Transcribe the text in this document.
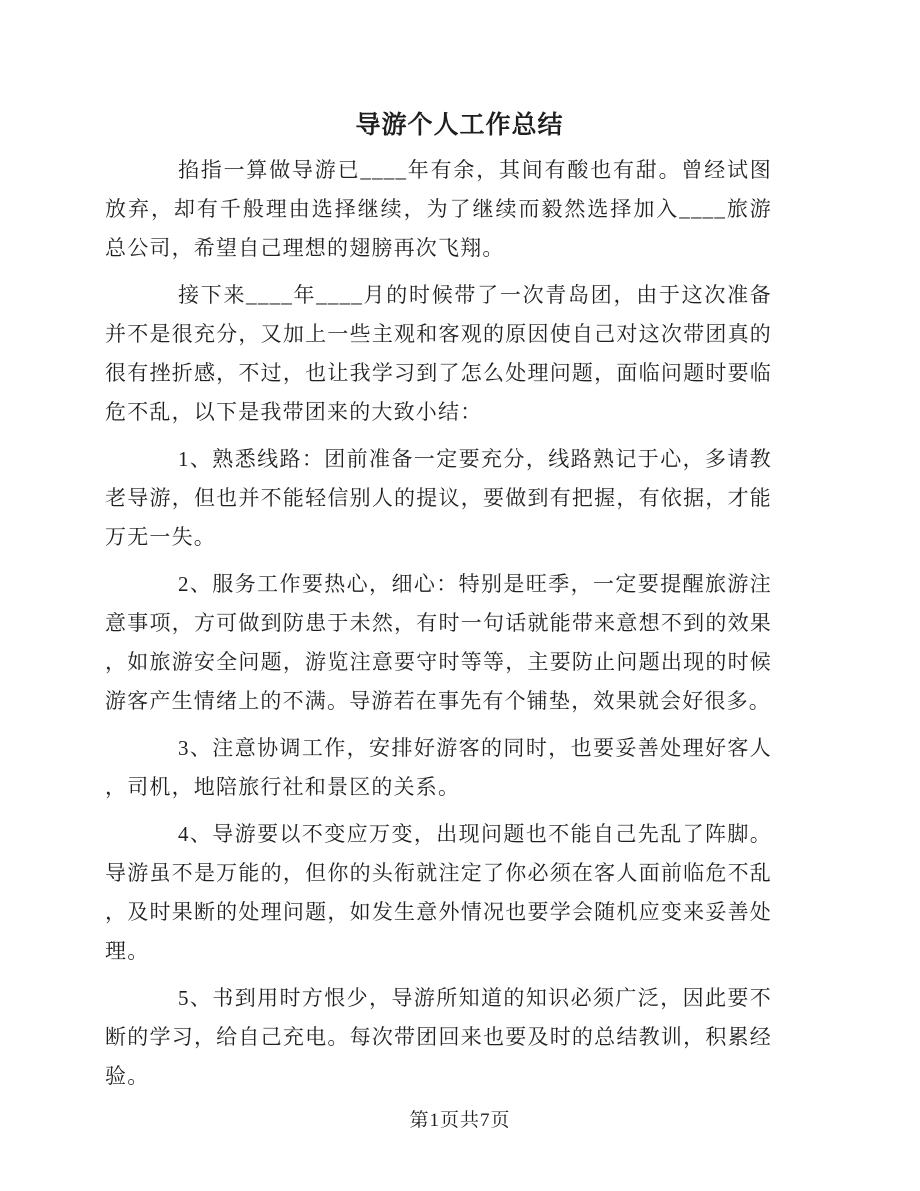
导游个人工作总结

掐指一算做导游已____年有余，其间有酸也有甜。曾经试图放弃，却有千般理由选择继续，为了继续而毅然选择加入____旅游总公司，希望自己理想的翅膀再次飞翔。

接下来____年____月的时候带了一次青岛团，由于这次准备并不是很充分，又加上一些主观和客观的原因使自己对这次带团真的很有挫折感，不过，也让我学习到了怎么处理问题，面临问题时要临危不乱，以下是我带团来的大致小结：

1、熟悉线路：团前准备一定要充分，线路熟记于心，多请教老导游，但也并不能轻信别人的提议，要做到有把握，有依据，才能万无一失。

2、服务工作要热心，细心：特别是旺季，一定要提醒旅游注意事项，方可做到防患于未然，有时一句话就能带来意想不到的效果，如旅游安全问题，游览注意要守时等等，主要防止问题出现的时候游客产生情绪上的不满。导游若在事先有个铺垫，效果就会好很多。

3、注意协调工作，安排好游客的同时，也要妥善处理好客人，司机，地陪旅行社和景区的关系。

4、导游要以不变应万变，出现问题也不能自己先乱了阵脚。导游虽不是万能的，但你的头衔就注定了你必须在客人面前临危不乱，及时果断的处理问题，如发生意外情况也要学会随机应变来妥善处理。

5、书到用时方恨少，导游所知道的知识必须广泛，因此要不断的学习，给自己充电。每次带团回来也要及时的总结教训，积累经验。

第1页共7页
